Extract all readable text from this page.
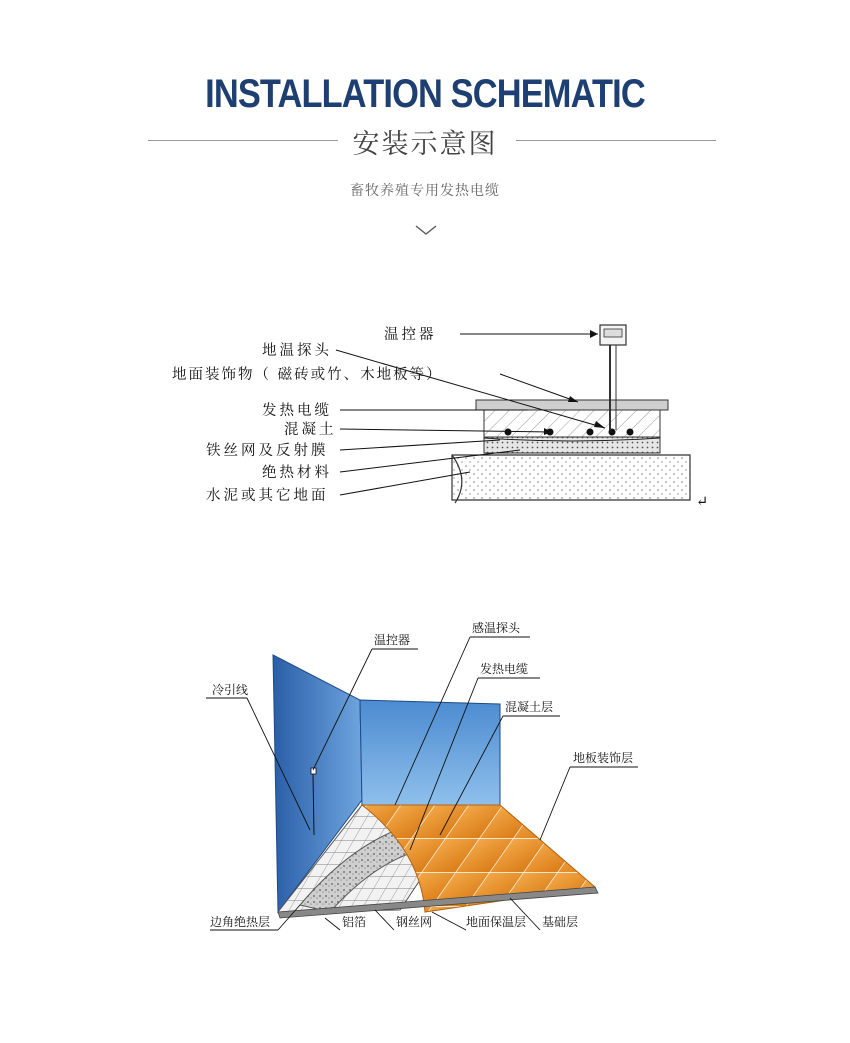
INSTALLATION SCHEMATIC
安装示意图
畜牧养殖专用发热电缆
↵
温控器
地温探头
地面装饰物（ 磁砖或竹、木地板等）
发热电缆
混凝土
铁丝网及反射膜
绝热材料
水泥或其它地面
温控器
感温探头
冷引线
发热电缆
混凝土层
地板装饰层
边角绝热层	铝箔 钢丝网	地面保温层 基础层
